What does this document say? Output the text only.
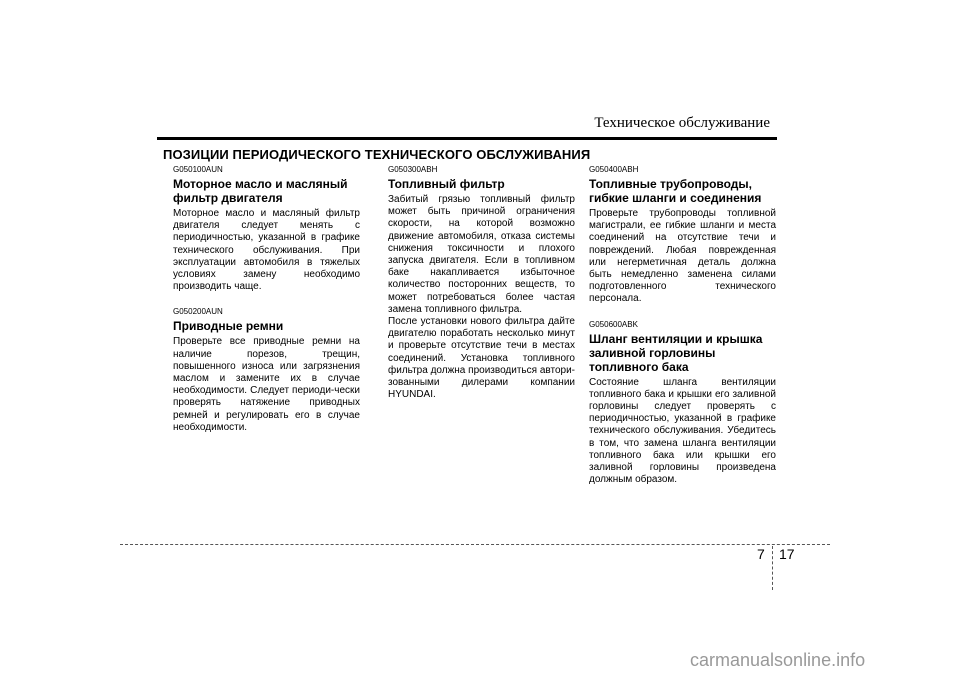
Техническое обслуживание
ПОЗИЦИИ ПЕРИОДИЧЕСКОГО ТЕХНИЧЕСКОГО ОБСЛУЖИВАНИЯ
G050100AUN
Моторное масло и масляный фильтр двигателя

Моторное масло и масляный фильтр двигателя следует менять с периодичностью, указанной в графике технического обслуживания. При эксплуатации автомобиля в тяжелых условиях замену необходимо производить чаще.

G050200AUN
Приводные ремни

Проверьте все приводные ремни на наличие порезов, трещин, повышенного износа или загрязнения маслом и замените их в случае необходимости. Следует периоди-чески проверять натяжение приводных ремней и регулировать его в случае необходимости.

G050300ABH
Топливный фильтр

Забитый грязью топливный фильтр может быть причиной ограничения скорости, на которой возможно движение автомобиля, отказа системы снижения токсичности и плохого запуска двигателя. Если в топливном баке накапливается избыточное количество посторонних веществ, то может потребоваться более частая замена топливного фильтра.
После установки нового фильтра дайте двигателю поработать несколько минут и проверьте отсутствие течи в местах соединений. Установка топливного фильтра должна производиться автори-зованными дилерами компании HYUNDAI.

G050400ABH
Топливные трубопроводы, гибкие шланги и соединения

Проверьте трубопроводы топливной магистрали, ее гибкие шланги и места соединений на отсутствие течи и повреждений. Любая поврежденная или негерметичная деталь должна быть немедленно заменена силами подготовленного технического персонала.

G050600ABK
Шланг вентиляции и крышка заливной горловины топливного бака

Состояние шланга вентиляции топливного бака и крышки его заливной горловины следует проверять с периодичностью, указанной в графике технического обслуживания. Убедитесь в том, что замена шланга вентиляции топливного бака или крышки его заливной горловины произведена должным образом.

7 17
carmanualsonline.info
